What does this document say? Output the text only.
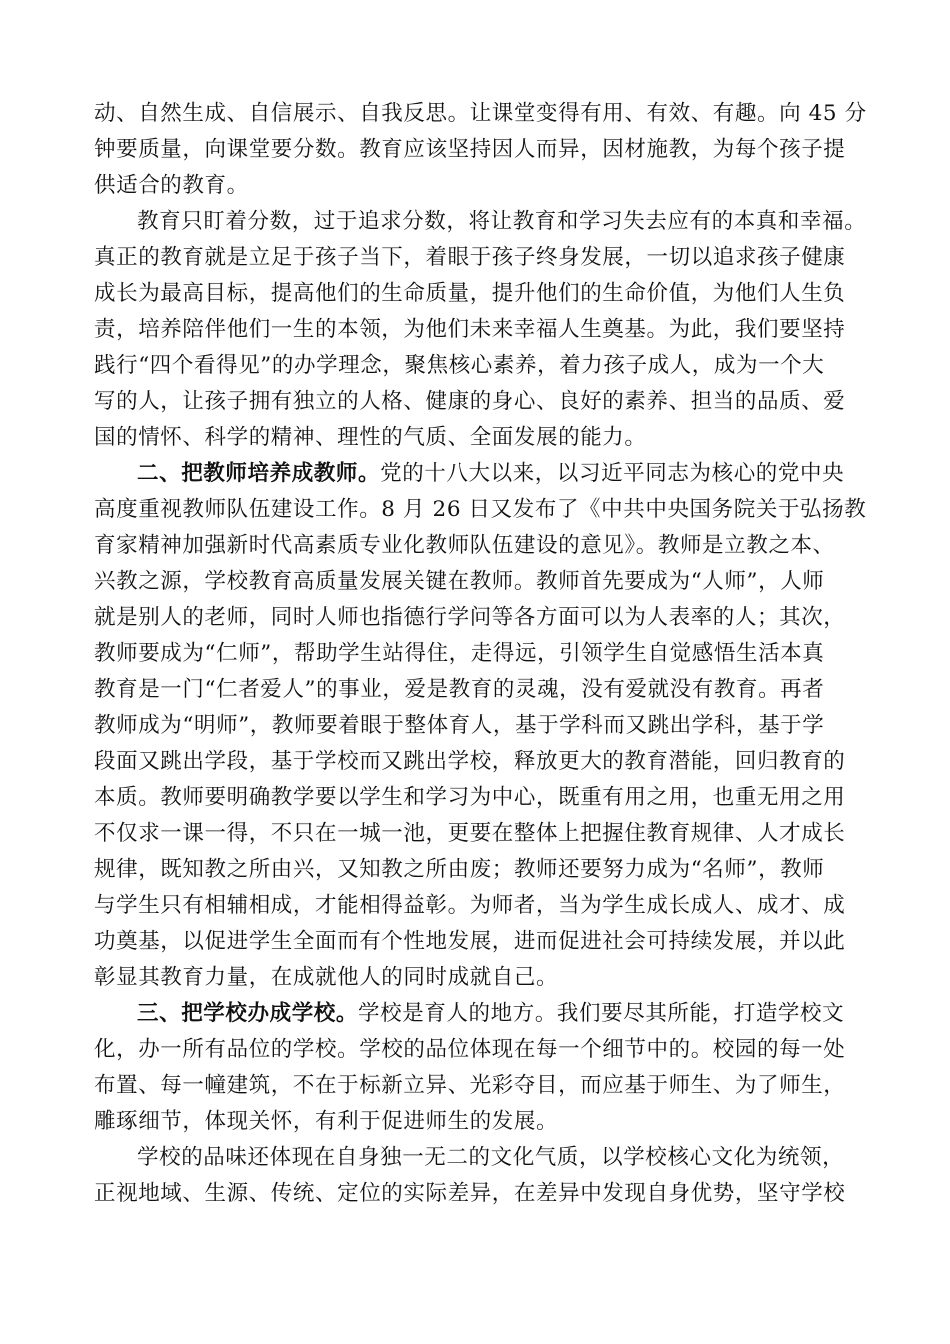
动、自然生成、自信展示、自我反思。让课堂变得有用、有效、有趣。向 45 分
钟要质量，向课堂要分数。教育应该坚持因人而异，因材施教，为每个孩子提
供适合的教育。
教育只盯着分数，过于追求分数，将让教育和学习失去应有的本真和幸福。
真正的教育就是立足于孩子当下，着眼于孩子终身发展，一切以追求孩子健康
成长为最高目标，提高他们的生命质量，提升他们的生命价值，为他们人生负
责，培养陪伴他们一生的本领，为他们未来幸福人生奠基。为此，我们要坚持
践行“四个看得见”的办学理念，聚焦核心素养，着力孩子成人，成为一个大
写的人，让孩子拥有独立的人格、健康的身心、良好的素养、担当的品质、爱
国的情怀、科学的精神、理性的气质、全面发展的能力。
二、把教师培养成教师。党的十八大以来，以习近平同志为核心的党中央
高度重视教师队伍建设工作。8 月 26 日又发布了《中共中央国务院关于弘扬教
育家精神加强新时代高素质专业化教师队伍建设的意见》。教师是立教之本、
兴教之源，学校教育高质量发展关键在教师。教师首先要成为“人师”，人师
就是别人的老师，同时人师也指德行学问等各方面可以为人表率的人；其次，
教师要成为“仁师”，帮助学生站得住，走得远，引领学生自觉感悟生活本真
教育是一门“仁者爱人”的事业，爱是教育的灵魂，没有爱就没有教育。再者
教师成为“明师”，教师要着眼于整体育人，基于学科而又跳出学科，基于学
段面又跳出学段，基于学校而又跳出学校，释放更大的教育潜能，回归教育的
本质。教师要明确教学要以学生和学习为中心，既重有用之用，也重无用之用
不仅求一课一得，不只在一城一池，更要在整体上把握住教育规律、人才成长
规律，既知教之所由兴，又知教之所由废；教师还要努力成为“名师”，教师
与学生只有相辅相成，才能相得益彰。为师者，当为学生成长成人、成才、成
功奠基，以促进学生全面而有个性地发展，进而促进社会可持续发展，并以此
彰显其教育力量，在成就他人的同时成就自己。
三、把学校办成学校。学校是育人的地方。我们要尽其所能，打造学校文
化，办一所有品位的学校。学校的品位体现在每一个细节中的。校园的每一处
布置、每一幢建筑，不在于标新立异、光彩夺目，而应基于师生、为了师生，
雕琢细节，体现关怀，有利于促进师生的发展。
学校的品味还体现在自身独一无二的文化气质，以学校核心文化为统领，
正视地域、生源、传统、定位的实际差异，在差异中发现自身优势，坚守学校
